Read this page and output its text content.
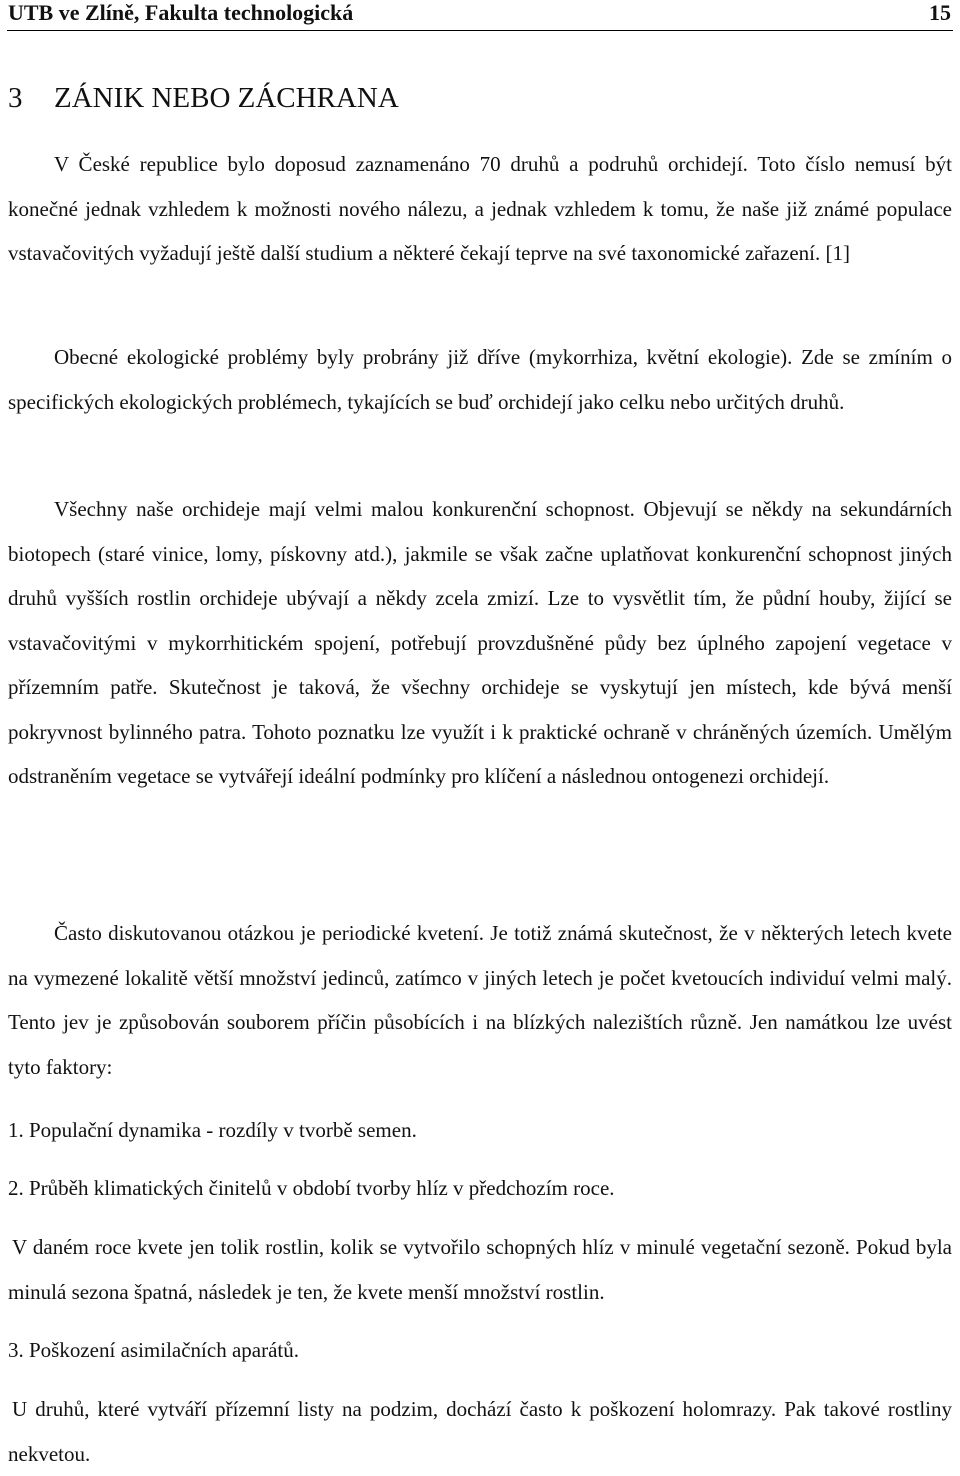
UTB ve Zlíně, Fakulta technologická	15
3 ZÁNIK NEBO ZÁCHRANA

V České republice bylo doposud zaznamenáno 70 druhů a podruhů orchidejí. Toto číslo nemusí být konečné jednak vzhledem k možnosti nového nálezu, a jednak vzhledem k tomu, že naše již známé populace vstavačovitých vyžadují ještě další studium a některé čekají teprve na své taxonomické zařazení. [1]

Obecné ekologické problémy byly probrány již dříve (mykorrhiza, květní ekologie). Zde se zmíním o specifických ekologických problémech, tykajících se buď orchidejí jako celku nebo určitých druhů.

Všechny naše orchideje mají velmi malou konkurenční schopnost. Objevují se někdy na sekundárních biotopech (staré vinice, lomy, pískovny atd.), jakmile se však začne uplatňovat konkurenční schopnost jiných druhů vyšších rostlin orchideje ubývají a někdy zcela zmizí. Lze to vysvětlit tím, že půdní houby, žijící se vstavačovitými v mykorrhitickém spojení, potřebují provzdušněné půdy bez úplného zapojení vegetace v přízemním patře. Skutečnost je taková, že všechny orchideje se vyskytují jen místech, kde bývá menší pokryvnost bylinného patra. Tohoto poznatku lze využít i k praktické ochraně v chráněných územích. Umělým odstraněním vegetace se vytvářejí ideální podmínky pro klíčení a následnou ontogenezi orchidejí.

Často diskutovanou otázkou je periodické kvetení. Je totiž známá skutečnost, že v některých letech kvete na vymezené lokalitě větší množství jedinců, zatímco v jiných letech je počet kvetoucích individuí velmi malý. Tento jev je způsobován souborem příčin působících i na blízkých nalezištích různě. Jen namátkou lze uvést tyto faktory:

1. Populační dynamika - rozdíly v tvorbě semen.

2. Průběh klimatických činitelů v období tvorby hlíz v předchozím roce.

V daném roce kvete jen tolik rostlin, kolik se vytvořilo schopných hlíz v minulé vegetační sezoně. Pokud byla minulá sezona špatná, následek je ten, že kvete menší množství rostlin.

3. Poškození asimilačních aparátů.

U druhů, které vytváří přízemní listy na podzim, dochází často k poškození holomrazy. Pak takové rostliny nekvetou.
